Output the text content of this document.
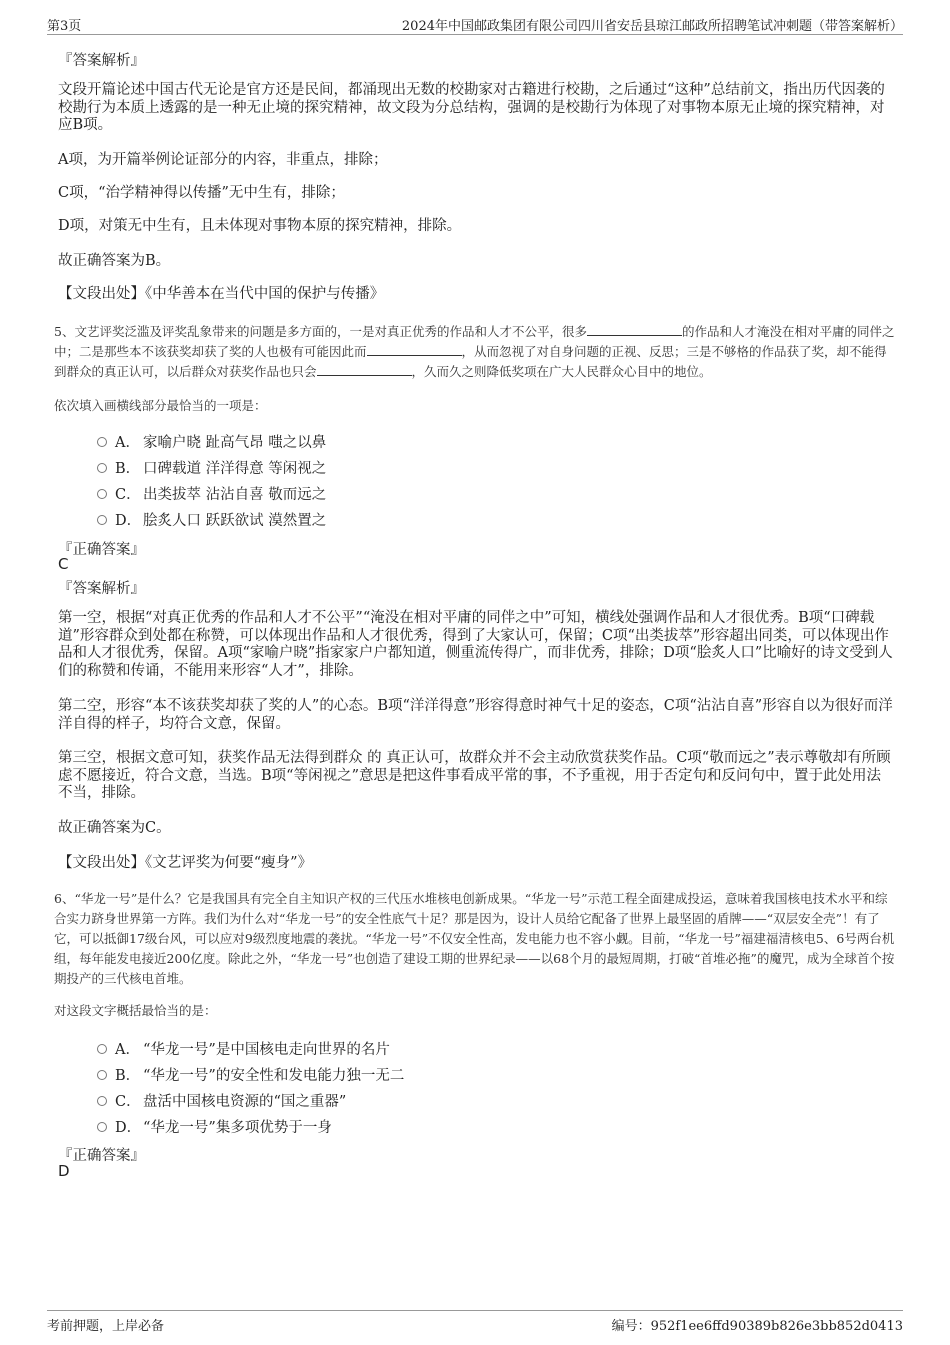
第3页	2024年中国邮政集团有限公司四川省安岳县琼江邮政所招聘笔试冲刺题（带答案解析）
『答案解析』
文段开篇论述中国古代无论是官方还是民间，都涌现出无数的校勘家对古籍进行校勘，之后通过“这种”总结前文，指出历代因袭的校勘行为本质上透露的是一种无止境的探究精神，故文段为分总结构，强调的是校勘行为体现了对事物本原无止境的探究精神，对应B项。
A项，为开篇举例论证部分的内容，非重点，排除；
C项，“治学精神得以传播”无中生有，排除；
D项，对策无中生有，且未体现对事物本原的探究精神，排除。
故正确答案为B。
【文段出处】《中华善本在当代中国的保护与传播》
5、文艺评奖泛滥及评奖乱象带来的问题是多方面的，一是对真正优秀的作品和人才不公平，很多	的作品和人才淹没在相对平庸的同伴之中；二是那些本不该获奖却获了奖的人也极有可能因此而	，从而忽视了对自身问题的正视、反思；三是不够格的作品获了奖，却不能得到群众的真正认可，以后群众对获奖作品也只会	，久而久之则降低奖项在广大人民群众心目中的地位。
依次填入画横线部分最恰当的一项是：
A． 家喻户晓 趾高气昂 嗤之以鼻
B． 口碑载道 洋洋得意 等闲视之
C． 出类拔萃 沾沾自喜 敬而远之
D． 脍炙人口 跃跃欲试 漠然置之
『正确答案』
C
『答案解析』
第一空，根据“对真正优秀的作品和人才不公平”“淹没在相对平庸的同伴之中”可知，横线处强调作品和人才很优秀。B项“口碑载道”形容群众到处都在称赞，可以体现出作品和人才很优秀，得到了大家认可，保留；C项“出类拔萃”形容超出同类，可以体现出作品和人才很优秀，保留。A项“家喻户晓”指家家户户都知道，侧重流传得广，而非优秀，排除；D项“脍炙人口”比喻好的诗文受到人们的称赞和传诵，不能用来形容“人才”，排除。
第二空，形容“本不该获奖却获了奖的人”的心态。B项“洋洋得意”形容得意时神气十足的姿态，C项“沾沾自喜”形容自以为很好而洋洋自得的样子，均符合文意，保留。
第三空，根据文意可知，获奖作品无法得到群众 的 真正认可，故群众并不会主动欣赏获奖作品。C项“敬而远之”表示尊敬却有所顾虑不愿接近，符合文意，当选。B项“等闲视之”意思是把这件事看成平常的事，不予重视，用于否定句和反问句中，置于此处用法不当，排除。
故正确答案为C。
【文段出处】《文艺评奖为何要“瘦身”》
6、“华龙一号”是什么？它是我国具有完全自主知识产权的三代压水堆核电创新成果。“华龙一号”示范工程全面建成投运，意味着我国核电技术水平和综合实力跻身世界第一方阵。我们为什么对“华龙一号”的安全性底气十足？那是因为，设计人员给它配备了世界上最坚固的盾牌——“双层安全壳”！有了它，可以抵御17级台风，可以应对9级烈度地震的袭扰。“华龙一号”不仅安全性高，发电能力也不容小觑。目前，“华龙一号”福建福清核电5、6号两台机组，每年能发电接近200亿度。除此之外，“华龙一号”也创造了建设工期的世界纪录——以68个月的最短周期，打破“首堆必拖”的魔咒，成为全球首个按期投产的三代核电首堆。
对这段文字概括最恰当的是：
A． “华龙一号”是中国核电走向世界的名片
B． “华龙一号”的安全性和发电能力独一无二
C． 盘活中国核电资源的“国之重器”
D． “华龙一号”集多项优势于一身
『正确答案』
D
考前押题，上岸必备	编号：952f1ee6ffd90389b826e3bb852d0413
